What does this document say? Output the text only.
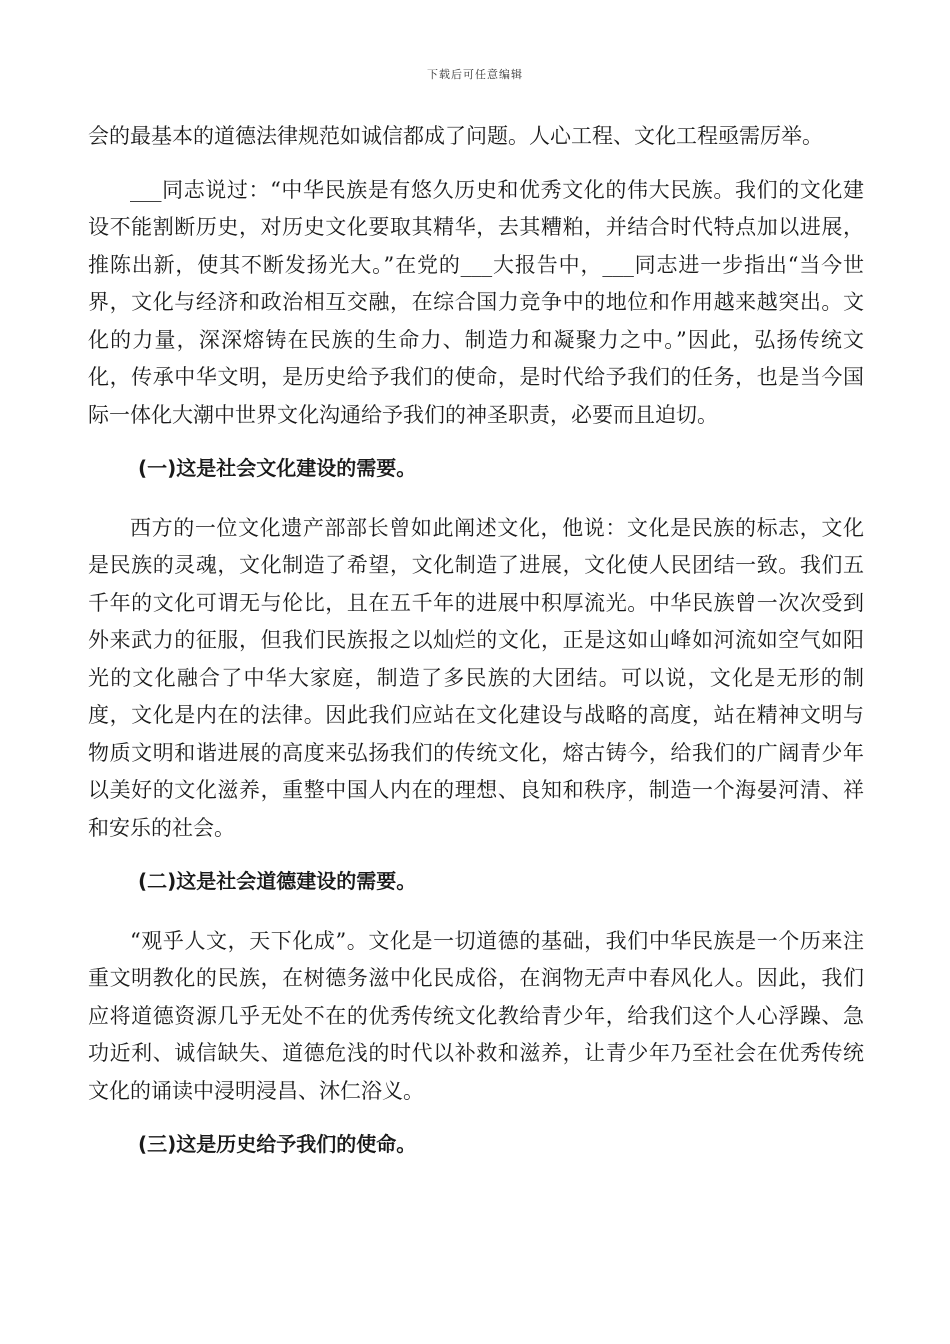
下载后可任意编辑

会的最基本的道德法律规范如诚信都成了问题。人心工程、文化工程亟需厉举。

___同志说过：“中华民族是有悠久历史和优秀文化的伟大民族。我们的文化建设不能割断历史，对历史文化要取其精华，去其糟粕，并结合时代特点加以进展，推陈出新，使其不断发扬光大。”在党的___大报告中，___同志进一步指出“当今世界，文化与经济和政治相互交融，在综合国力竞争中的地位和作用越来越突出。文化的力量，深深熔铸在民族的生命力、制造力和凝聚力之中。”因此，弘扬传统文化，传承中华文明，是历史给予我们的使命，是时代给予我们的任务，也是当今国际一体化大潮中世界文化沟通给予我们的神圣职责，必要而且迫切。

(一)这是社会文化建设的需要。

西方的一位文化遗产部部长曾如此阐述文化，他说：文化是民族的标志，文化是民族的灵魂，文化制造了希望，文化制造了进展，文化使人民团结一致。我们五千年的文化可谓无与伦比，且在五千年的进展中积厚流光。中华民族曾一次次受到外来武力的征服，但我们民族报之以灿烂的文化，正是这如山峰如河流如空气如阳光的文化融合了中华大家庭，制造了多民族的大团结。可以说，文化是无形的制度，文化是内在的法律。因此我们应站在文化建设与战略的高度，站在精神文明与物质文明和谐进展的高度来弘扬我们的传统文化，熔古铸今，给我们的广阔青少年以美好的文化滋养，重整中国人内在的理想、良知和秩序，制造一个海晏河清、祥和安乐的社会。

(二)这是社会道德建设的需要。

“观乎人文，天下化成”。文化是一切道德的基础，我们中华民族是一个历来注重文明教化的民族，在树德务滋中化民成俗，在润物无声中春风化人。因此，我们应将道德资源几乎无处不在的优秀传统文化教给青少年，给我们这个人心浮躁、急功近利、诚信缺失、道德危浅的时代以补救和滋养，让青少年乃至社会在优秀传统文化的诵读中浸明浸昌、沐仁浴义。

(三)这是历史给予我们的使命。
